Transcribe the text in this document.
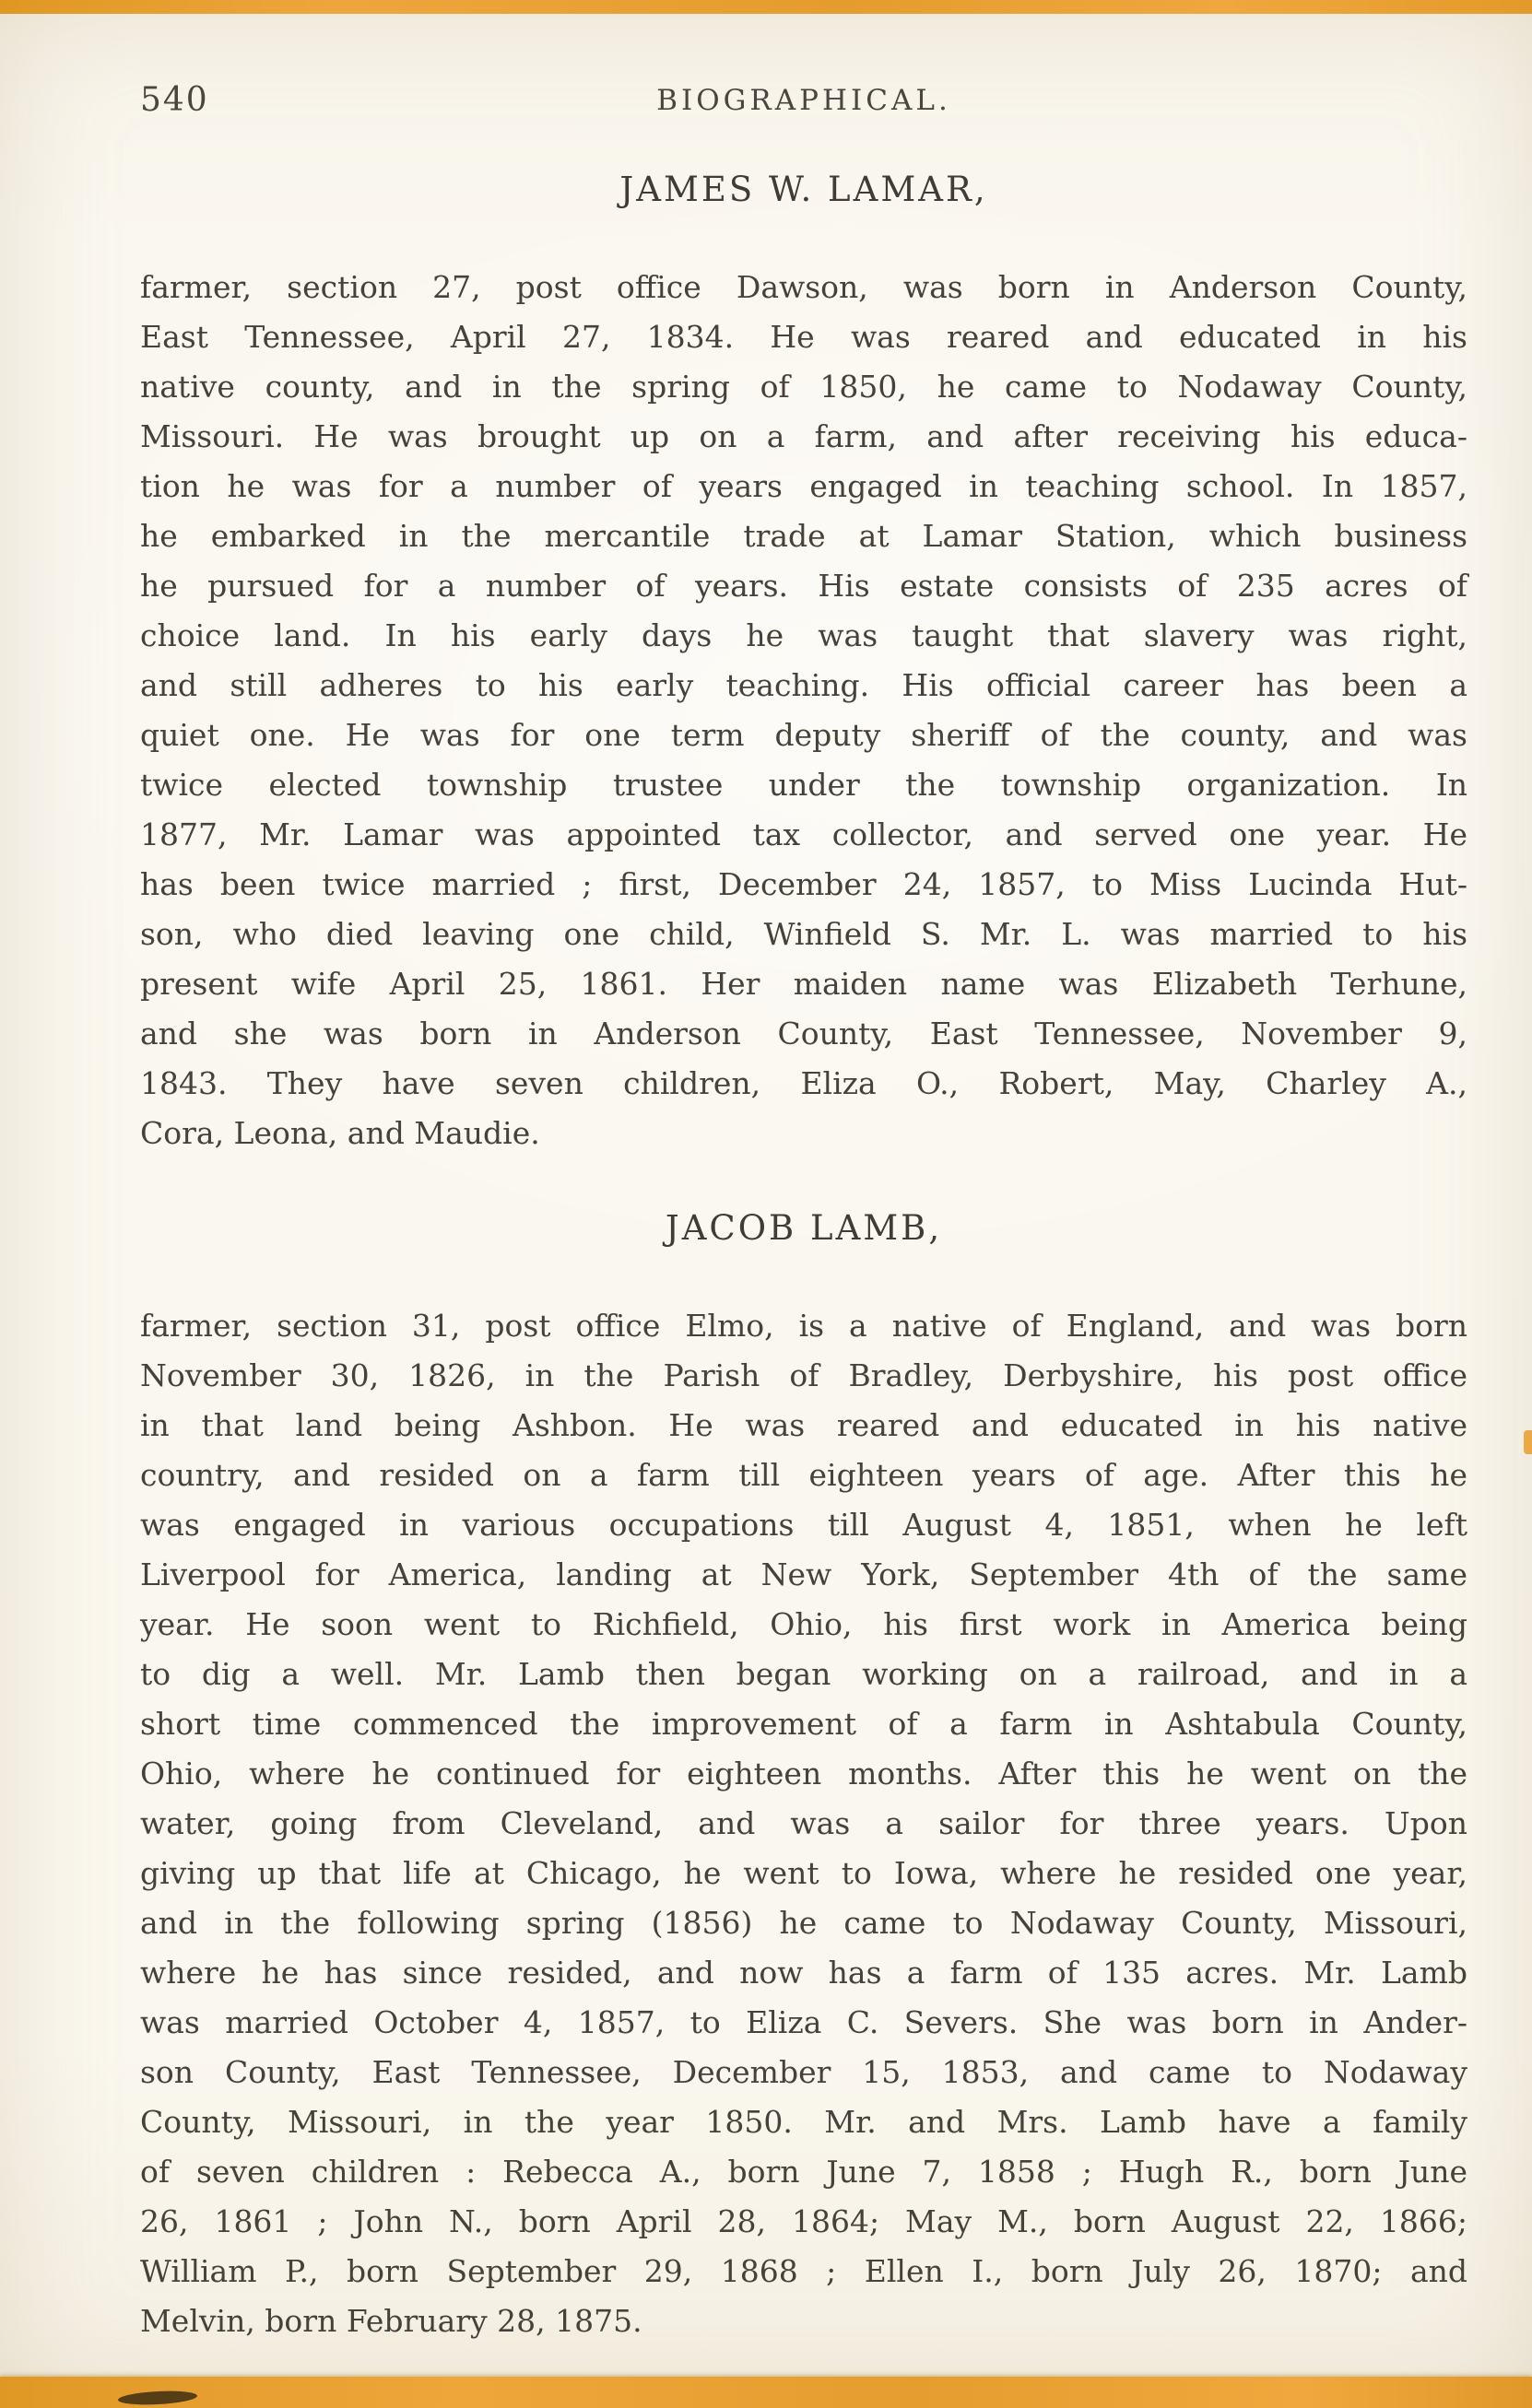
540	BIOGRAPHICAL.
JAMES W. LAMAR,
farmer, section 27, post office Dawson, was born in Anderson County,
East Tennessee, April 27, 1834. He was reared and educated in his
native county, and in the spring of 1850, he came to Nodaway County,
Missouri. He was brought up on a farm, and after receiving his educa-
tion he was for a number of years engaged in teaching school. In 1857,
he embarked in the mercantile trade at Lamar Station, which business
he pursued for a number of years. His estate consists of 235 acres of
choice land. In his early days he was taught that slavery was right,
and still adheres to his early teaching. His official career has been a
quiet one. He was for one term deputy sheriff of the county, and was
twice elected township trustee under the township organization. In
1877, Mr. Lamar was appointed tax collector, and served one year. He
has been twice married ; first, December 24, 1857, to Miss Lucinda Hut-
son, who died leaving one child, Winfield S. Mr. L. was married to his
present wife April 25, 1861. Her maiden name was Elizabeth Terhune,
and she was born in Anderson County, East Tennessee, November 9,
1843. They have seven children, Eliza O., Robert, May, Charley A.,
Cora, Leona, and Maudie.
JACOB LAMB,
farmer, section 31, post office Elmo, is a native of England, and was born
November 30, 1826, in the Parish of Bradley, Derbyshire, his post office
in that land being Ashbon. He was reared and educated in his native
country, and resided on a farm till eighteen years of age. After this he
was engaged in various occupations till August 4, 1851, when he left
Liverpool for America, landing at New York, September 4th of the same
year. He soon went to Richfield, Ohio, his first work in America being
to dig a well. Mr. Lamb then began working on a railroad, and in a
short time commenced the improvement of a farm in Ashtabula County,
Ohio, where he continued for eighteen months. After this he went on the
water, going from Cleveland, and was a sailor for three years. Upon
giving up that life at Chicago, he went to Iowa, where he resided one year,
and in the following spring (1856) he came to Nodaway County, Missouri,
where he has since resided, and now has a farm of 135 acres. Mr. Lamb
was married October 4, 1857, to Eliza C. Severs. She was born in Ander-
son County, East Tennessee, December 15, 1853, and came to Nodaway
County, Missouri, in the year 1850. Mr. and Mrs. Lamb have a family
of seven children : Rebecca A., born June 7, 1858 ; Hugh R., born June
26, 1861 ; John N., born April 28, 1864; May M., born August 22, 1866;
William P., born September 29, 1868 ; Ellen I., born July 26, 1870; and
Melvin, born February 28, 1875.
